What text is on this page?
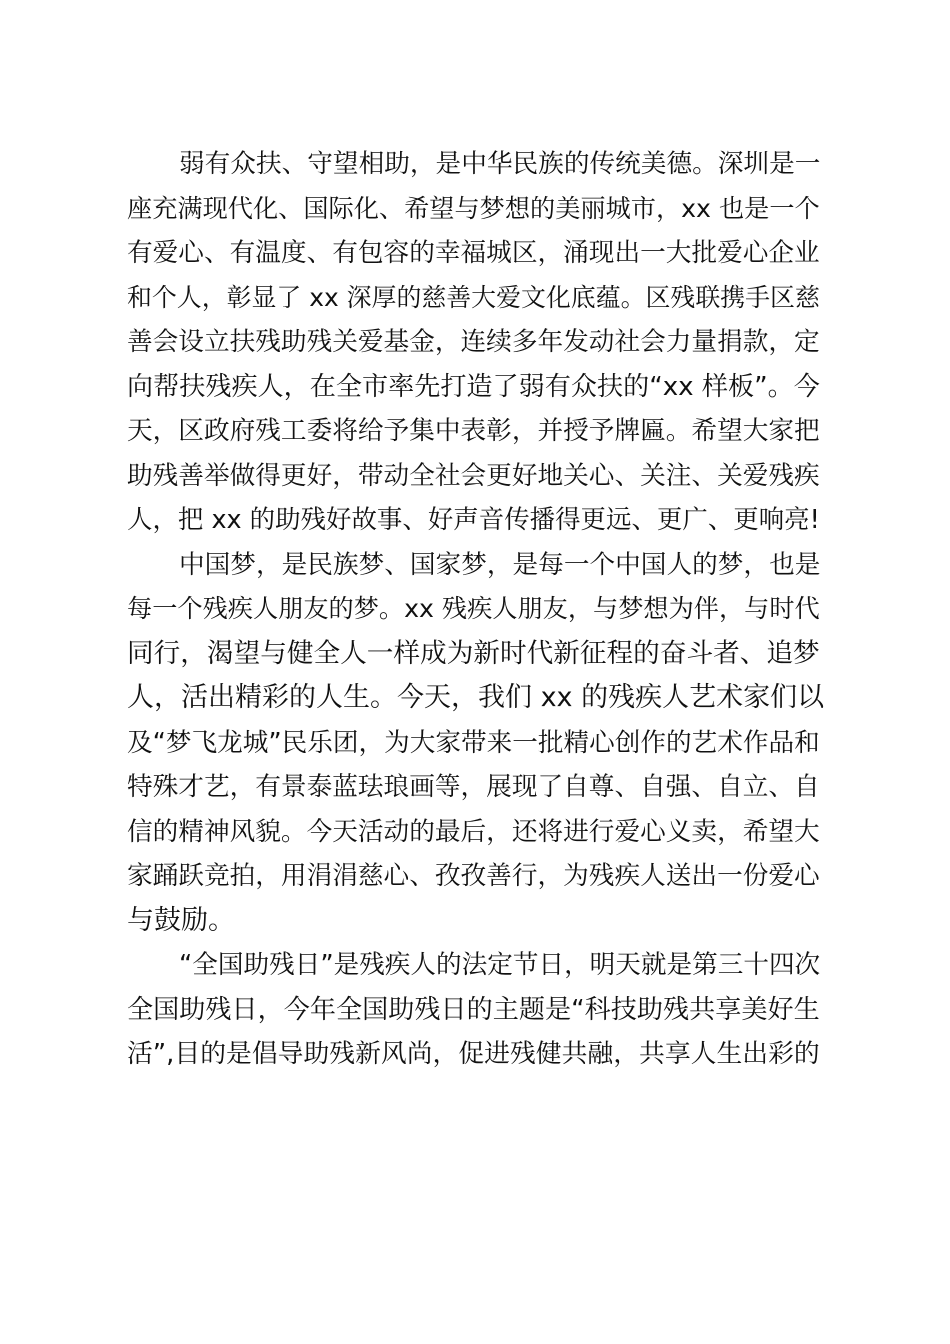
弱有众扶、守望相助，是中华民族的传统美德。深圳是一
座充满现代化、国际化、希望与梦想的美丽城市，xx 也是一个
有爱心、有温度、有包容的幸福城区，涌现出一大批爱心企业
和个人，彰显了 xx 深厚的慈善大爱文化底蕴。区残联携手区慈
善会设立扶残助残关爱基金，连续多年发动社会力量捐款，定
向帮扶残疾人，在全市率先打造了弱有众扶的“xx 样板”。今
天，区政府残工委将给予集中表彰，并授予牌匾。希望大家把
助残善举做得更好，带动全社会更好地关心、关注、关爱残疾
人，把 xx 的助残好故事、好声音传播得更远、更广、更响亮!
中国梦，是民族梦、国家梦，是每一个中国人的梦，也是
每一个残疾人朋友的梦。xx 残疾人朋友，与梦想为伴，与时代
同行，渴望与健全人一样成为新时代新征程的奋斗者、追梦
人，活出精彩的人生。今天，我们 xx 的残疾人艺术家们以
及“梦飞龙城”民乐团，为大家带来一批精心创作的艺术作品和
特殊才艺，有景泰蓝珐琅画等，展现了自尊、自强、自立、自
信的精神风貌。今天活动的最后，还将进行爱心义卖，希望大
家踊跃竞拍，用涓涓慈心、孜孜善行，为残疾人送出一份爱心
与鼓励。
“全国助残日”是残疾人的法定节日，明天就是第三十四次
全国助残日，今年全国助残日的主题是“科技助残共享美好生
活”,目的是倡导助残新风尚，促进残健共融，共享人生出彩的
